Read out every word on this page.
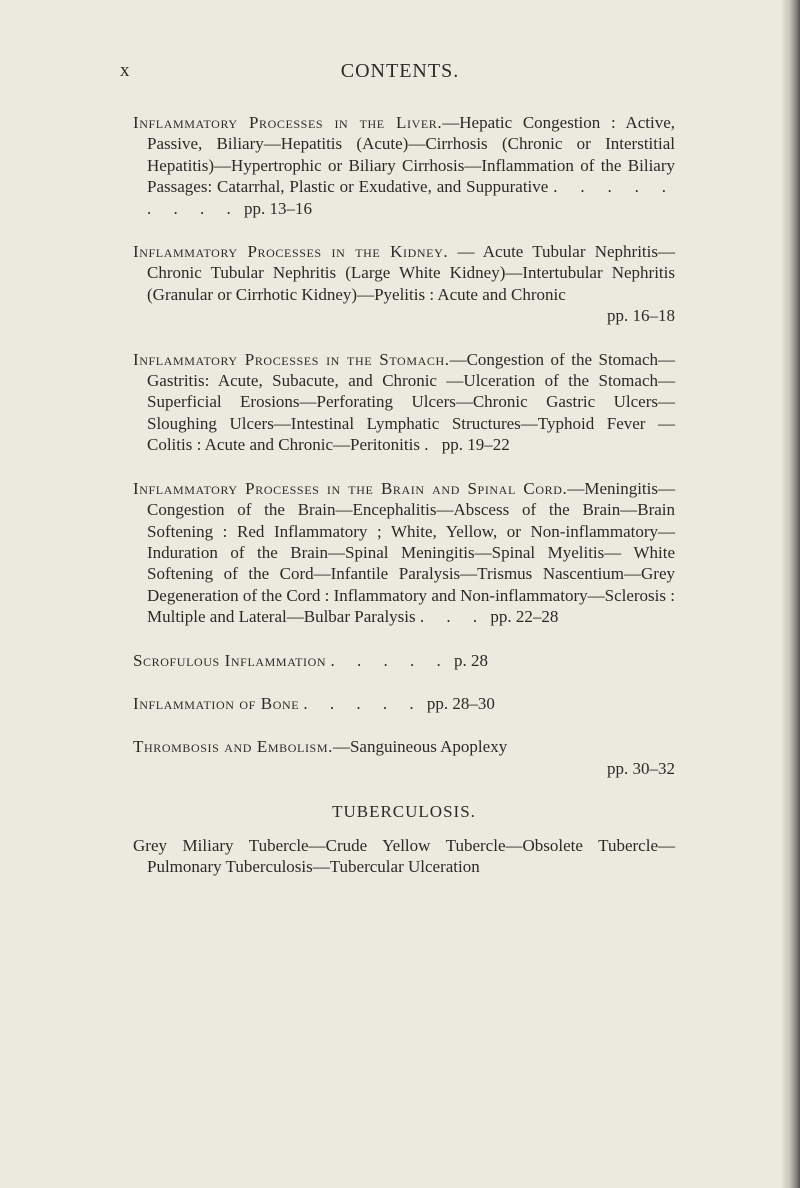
x	CONTENTS.

Inflammatory Processes in the Liver.—Hepatic Congestion : Active, Passive, Biliary—Hepatitis (Acute)—Cirrhosis (Chronic or Interstitial Hepatitis)—Hypertrophic or Biliary Cirrhosis—Inflammation of the Biliary Passages: Catarrhal, Plastic or Exudative, and Suppurative . . . . . . . . . pp. 13–16

Inflammatory Processes in the Kidney. — Acute Tubular Nephritis—Chronic Tubular Nephritis (Large White Kidney)—Intertubular Nephritis (Granular or Cirrhotic Kidney)—Pyelitis : Acute and Chronic
pp. 16–18

Inflammatory Processes in the Stomach.—Congestion of the Stomach—Gastritis: Acute, Subacute, and Chronic —Ulceration of the Stomach—Superficial Erosions—Perforating Ulcers—Chronic Gastric Ulcers—Sloughing Ulcers—Intestinal Lymphatic Structures—Typhoid Fever —Colitis : Acute and Chronic—Peritonitis . pp. 19–22

Inflammatory Processes in the Brain and Spinal Cord.—Meningitis—Congestion of the Brain—Encephalitis—Abscess of the Brain—Brain Softening : Red Inflammatory ; White, Yellow, or Non-inflammatory—Induration of the Brain—Spinal Meningitis—Spinal Myelitis— White Softening of the Cord—Infantile Paralysis—Trismus Nascentium—Grey Degeneration of the Cord : Inflammatory and Non-inflammatory—Sclerosis : Multiple and Lateral—Bulbar Paralysis . . . pp. 22–28

Scrofulous Inflammation . . . . . p. 28

Inflammation of Bone . . . . . pp. 28–30

Thrombosis and Embolism.—Sanguineous Apoplexy
pp. 30–32

TUBERCULOSIS.

Grey Miliary Tubercle—Crude Yellow Tubercle—Obsolete Tubercle—Pulmonary Tuberculosis—Tubercular Ulceration
